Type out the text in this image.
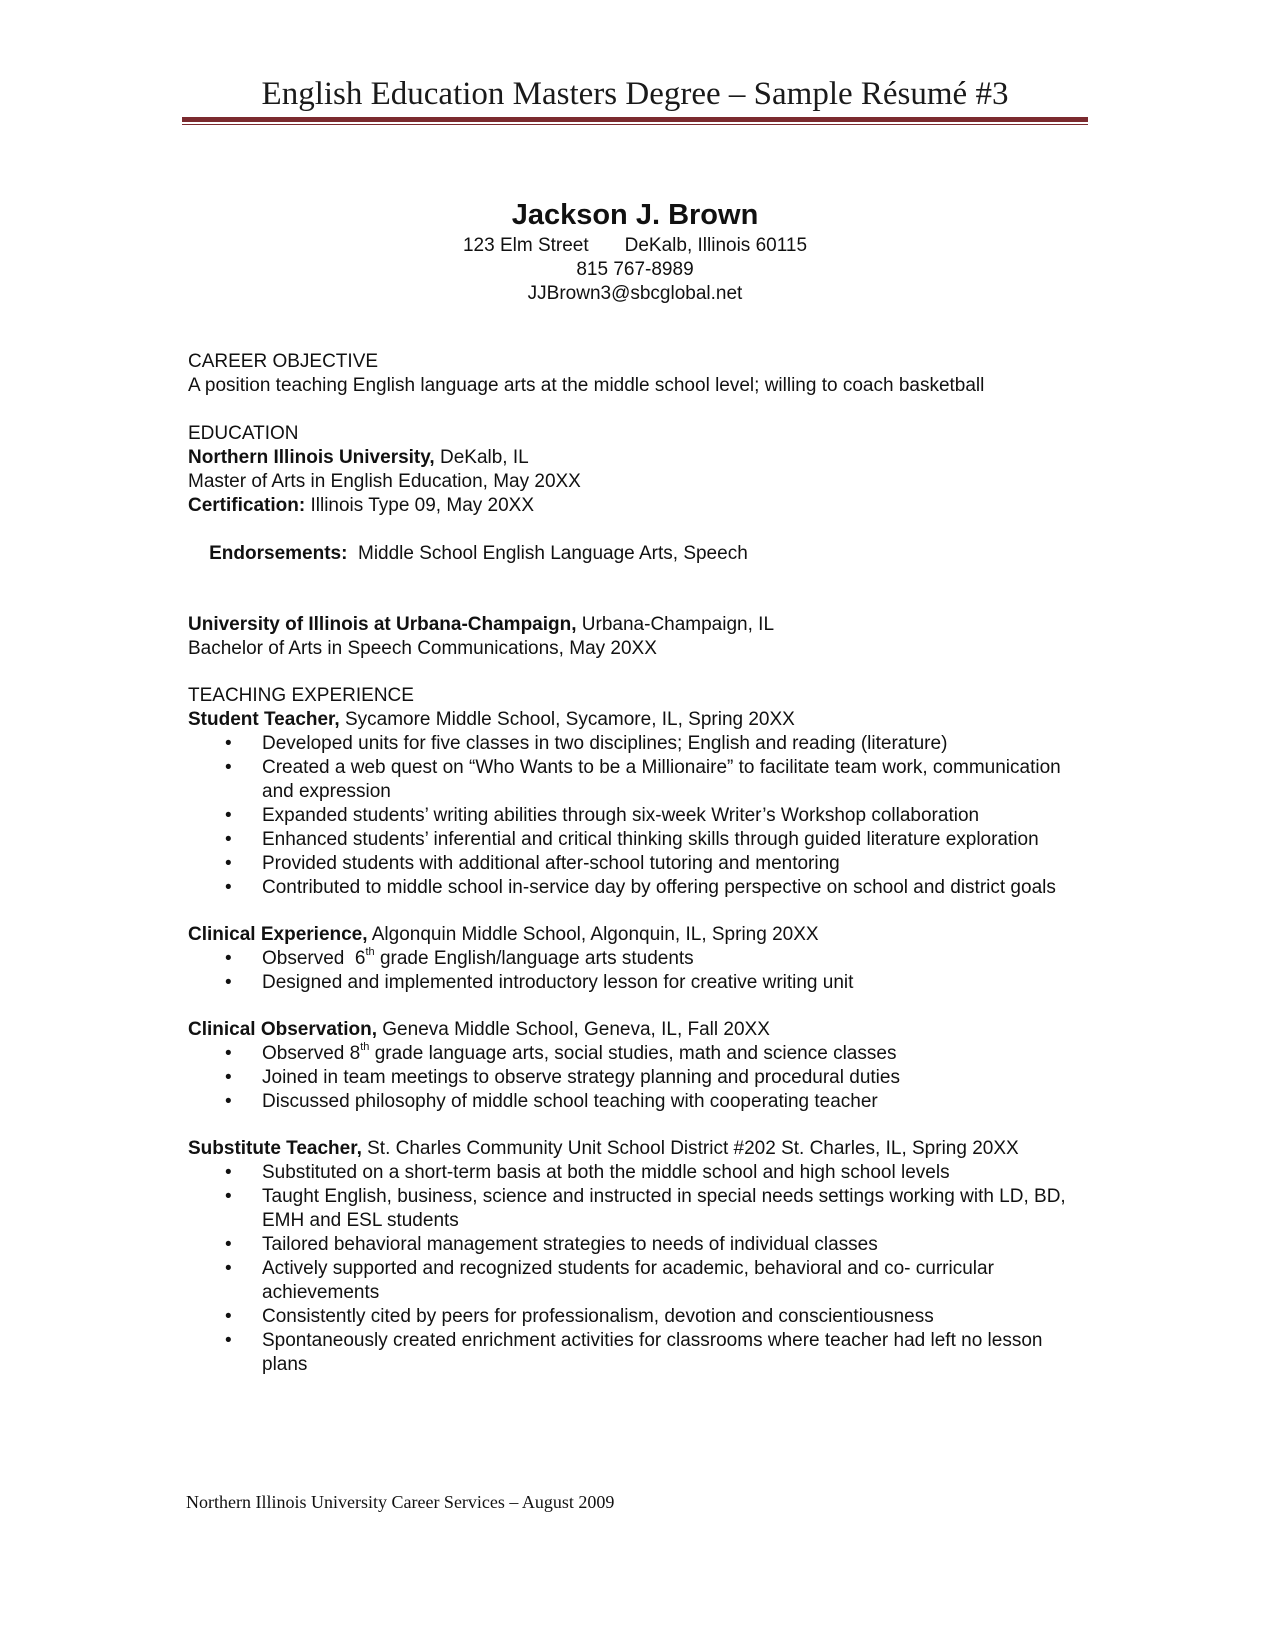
English Education Masters Degree – Sample Résumé #3
Jackson J. Brown
123 Elm Street DeKalb, Illinois 60115
815 767-8989
JJBrown3@sbcglobal.net
CAREER OBJECTIVE
A position teaching English language arts at the middle school level; willing to coach basketball
EDUCATION
Northern Illinois University, DeKalb, IL
Master of Arts in English Education, May 20XX
Certification: Illinois Type 09, May 20XX

Endorsements:  Middle School English Language Arts, Speech

University of Illinois at Urbana-Champaign, Urbana-Champaign, IL
Bachelor of Arts in Speech Communications, May 20XX
TEACHING EXPERIENCE
Student Teacher, Sycamore Middle School, Sycamore, IL, Spring 20XX
• Developed units for five classes in two disciplines; English and reading (literature)
• Created a web quest on “Who Wants to be a Millionaire” to facilitate team work, communication and expression
• Expanded students’ writing abilities through six-week Writer’s Workshop collaboration
• Enhanced students’ inferential and critical thinking skills through guided literature exploration
• Provided students with additional after-school tutoring and mentoring
• Contributed to middle school in-service day by offering perspective on school and district goals
Clinical Experience, Algonquin Middle School, Algonquin, IL, Spring 20XX
• Observed  6th grade English/language arts students
• Designed and implemented introductory lesson for creative writing unit
Clinical Observation, Geneva Middle School, Geneva, IL, Fall 20XX
• Observed 8th grade language arts, social studies, math and science classes
• Joined in team meetings to observe strategy planning and procedural duties
• Discussed philosophy of middle school teaching with cooperating teacher
Substitute Teacher, St. Charles Community Unit School District #202 St. Charles, IL, Spring 20XX
• Substituted on a short-term basis at both the middle school and high school levels
• Taught English, business, science and instructed in special needs settings working with LD, BD, EMH and ESL students
• Tailored behavioral management strategies to needs of individual classes
• Actively supported and recognized students for academic, behavioral and co- curricular achievements
• Consistently cited by peers for professionalism, devotion and conscientiousness
• Spontaneously created enrichment activities for classrooms where teacher had left no lesson plans
Northern Illinois University Career Services – August 2009
